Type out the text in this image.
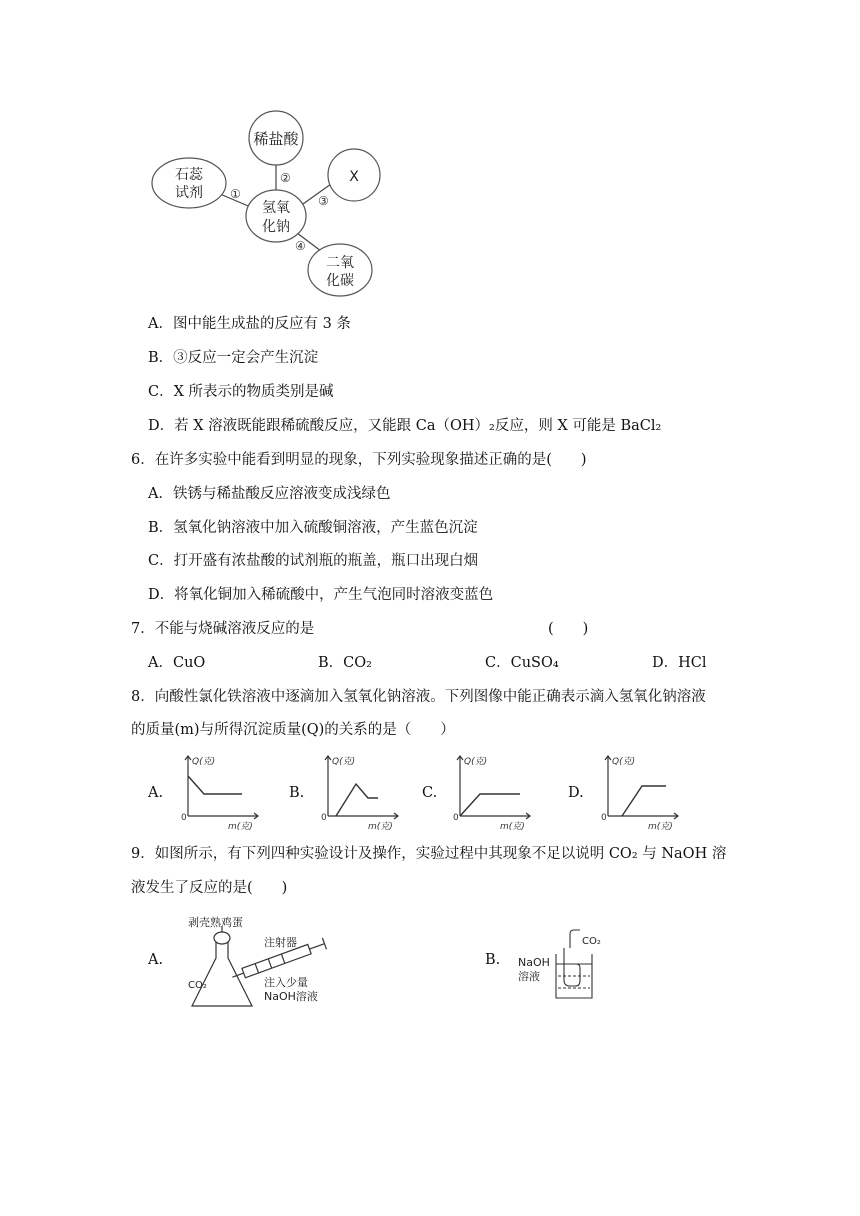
稀盐酸
石蕊
试剂
氢氧
化钠
X
二氧
化碳
①
②
③
④
A．图中能生成盐的反应有 3 条
B．③反应一定会产生沉淀
C．X 所表示的物质类别是碱
D．若 X 溶液既能跟稀硫酸反应，又能跟 Ca（OH）₂反应，则 X 可能是 BaCl₂
6．在许多实验中能看到明显的现象，下列实验现象描述正确的是(　　)
A．铁锈与稀盐酸反应溶液变成浅绿色
B．氢氧化钠溶液中加入硫酸铜溶液，产生蓝色沉淀
C．打开盛有浓盐酸的试剂瓶的瓶盖，瓶口出现白烟
D．将氧化铜加入稀硫酸中，产生气泡同时溶液变蓝色
7．不能与烧碱溶液反应的是	(　　)
A．CuO	B．CO₂	C．CuSO₄	D．HCl
8．向酸性氯化铁溶液中逐滴加入氢氧化钠溶液。下列图像中能正确表示滴入氢氧化钠溶液
的质量(m)与所得沉淀质量(Q)的关系的是（　　）
A.	B.	C.	D.
Q(克)
m(克)
0
Q(克)
m(克)
0
Q(克)
m(克)
0
Q(克)
m(克)
0
9．如图所示，有下列四种实验设计及操作，实验过程中其现象不足以说明 CO₂ 与 NaOH 溶
液发生了反应的是(　　)
A.	B.
剥壳熟鸡蛋
注射器
注入少量
NaOH溶液
CO₂
CO₂
NaOH
溶液
